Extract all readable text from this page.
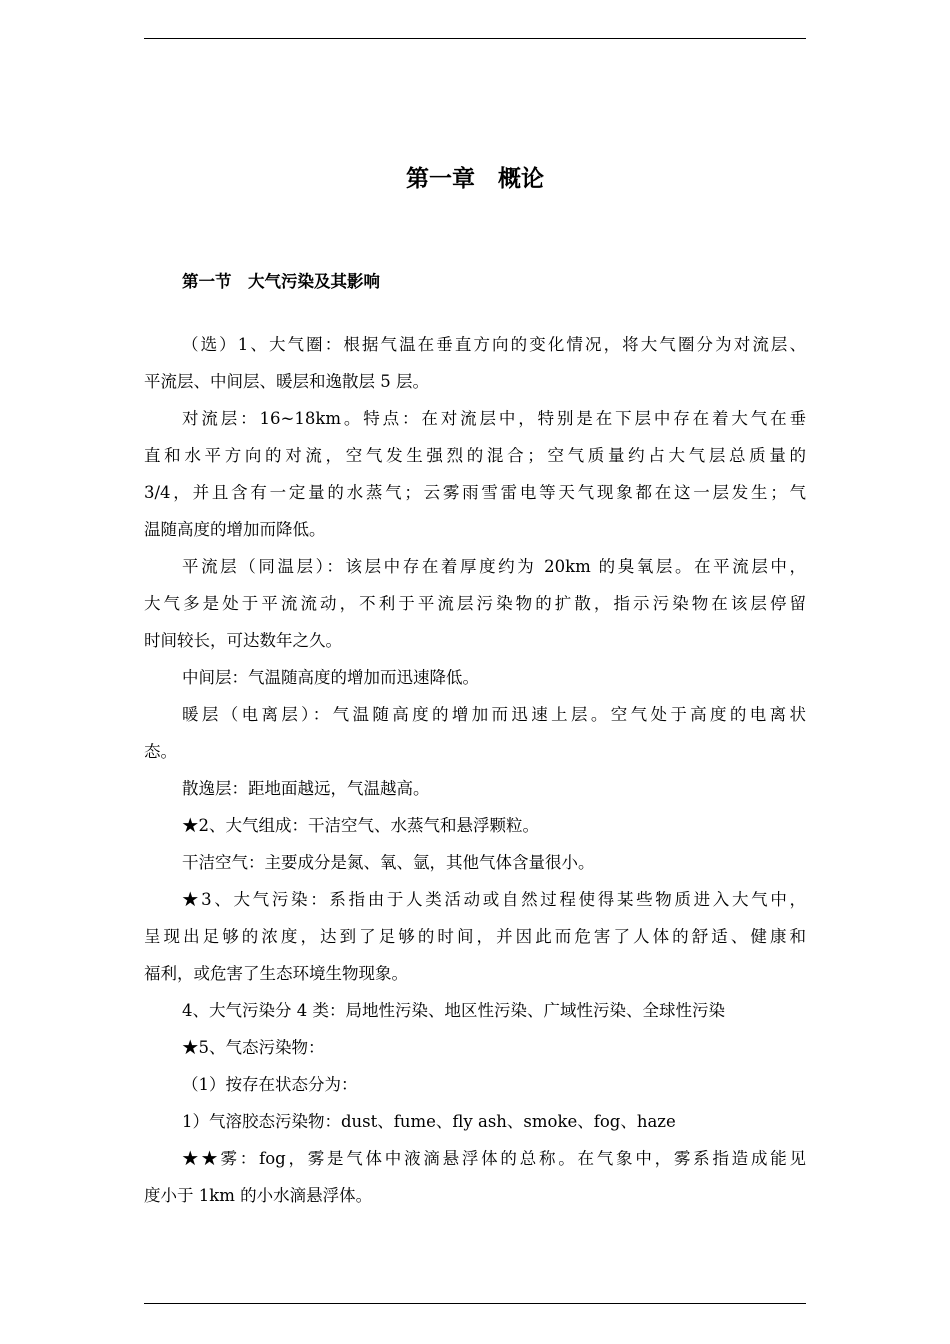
第一章　概论
第一节　大气污染及其影响
（选）1、大气圈：根据气温在垂直方向的变化情况，将大气圈分为对流层、
平流层、中间层、暖层和逸散层 5 层。
对流层：16~18km。特点：在对流层中，特别是在下层中存在着大气在垂
直和水平方向的对流，空气发生强烈的混合；空气质量约占大气层总质量的
3/4，并且含有一定量的水蒸气；云雾雨雪雷电等天气现象都在这一层发生；气
温随高度的增加而降低。
平流层（同温层）：该层中存在着厚度约为 20km 的臭氧层。在平流层中，
大气多是处于平流流动，不利于平流层污染物的扩散，指示污染物在该层停留
时间较长，可达数年之久。
中间层：气温随高度的增加而迅速降低。
暖层（电离层）：气温随高度的增加而迅速上层。空气处于高度的电离状
态。
散逸层：距地面越远，气温越高。
★2、大气组成：干洁空气、水蒸气和悬浮颗粒。
干洁空气：主要成分是氮、氧、氩，其他气体含量很小。
★3、大气污染：系指由于人类活动或自然过程使得某些物质进入大气中，
呈现出足够的浓度，达到了足够的时间，并因此而危害了人体的舒适、健康和
福利，或危害了生态环境生物现象。
4、大气污染分 4 类：局地性污染、地区性污染、广域性污染、全球性污染
★5、气态污染物：
（1）按存在状态分为：
1）气溶胶态污染物：dust、fume、fly ash、smoke、fog、haze
★★雾：fog，雾是气体中液滴悬浮体的总称。在气象中，雾系指造成能见
度小于 1km 的小水滴悬浮体。
